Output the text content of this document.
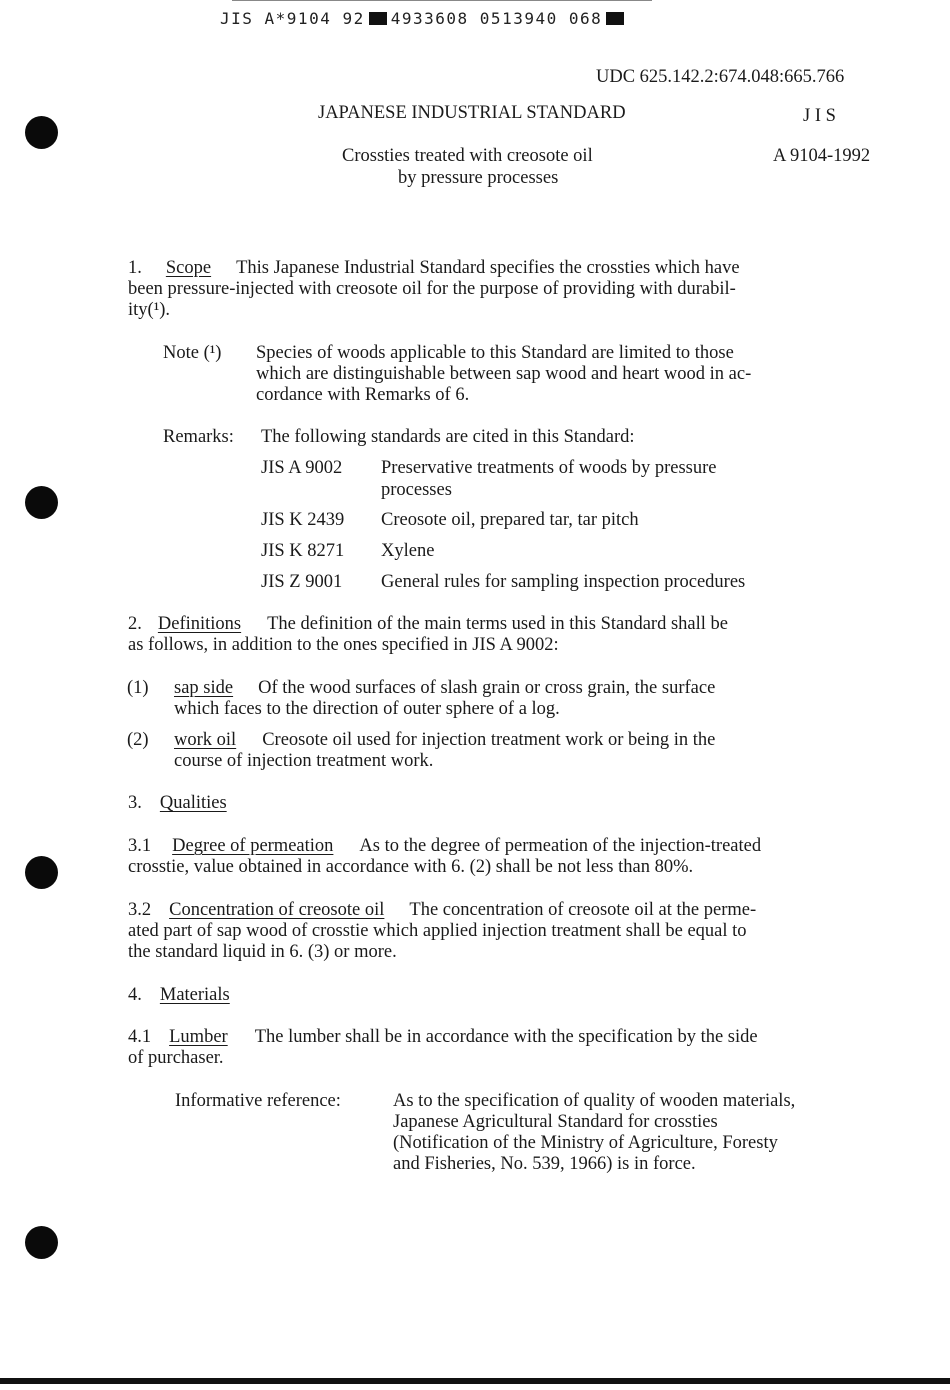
JIS A*9104 92 4933608 0513940 068
UDC 625.142.2:674.048:665.766
JAPANESE INDUSTRIAL STANDARD	J I S
Crossties treated with creosote oil
by pressure processes
A 9104-1992
1. Scope This Japanese Industrial Standard specifies the crossties which have
been pressure-injected with creosote oil for the purpose of providing with durabil-
ity(¹).
Note (¹) Species of woods applicable to this Standard are limited to those
which are distinguishable between sap wood and heart wood in ac-
cordance with Remarks of 6.
Remarks: The following standards are cited in this Standard:
JIS A 9002 Preservative treatments of woods by pressure
processes
JIS K 2439 Creosote oil, prepared tar, tar pitch
JIS K 8271 Xylene
JIS Z 9001 General rules for sampling inspection procedures
2. Definitions The definition of the main terms used in this Standard shall be
as follows, in addition to the ones specified in JIS A 9002:
(1) sap side Of the wood surfaces of slash grain or cross grain, the surface
which faces to the direction of outer sphere of a log.
(2) work oil Creosote oil used for injection treatment work or being in the
course of injection treatment work.
3. Qualities
3.1 Degree of permeation As to the degree of permeation of the injection-treated
crosstie, value obtained in accordance with 6. (2) shall be not less than 80%.
3.2 Concentration of creosote oil The concentration of creosote oil at the perme-
ated part of sap wood of crosstie which applied injection treatment shall be equal to
the standard liquid in 6. (3) or more.
4. Materials
4.1 Lumber The lumber shall be in accordance with the specification by the side
of purchaser.
Informative reference:	As to the specification of quality of wooden materials,
Japanese Agricultural Standard for crossties
(Notification of the Ministry of Agriculture, Foresty
and Fisheries, No. 539, 1966) is in force.
